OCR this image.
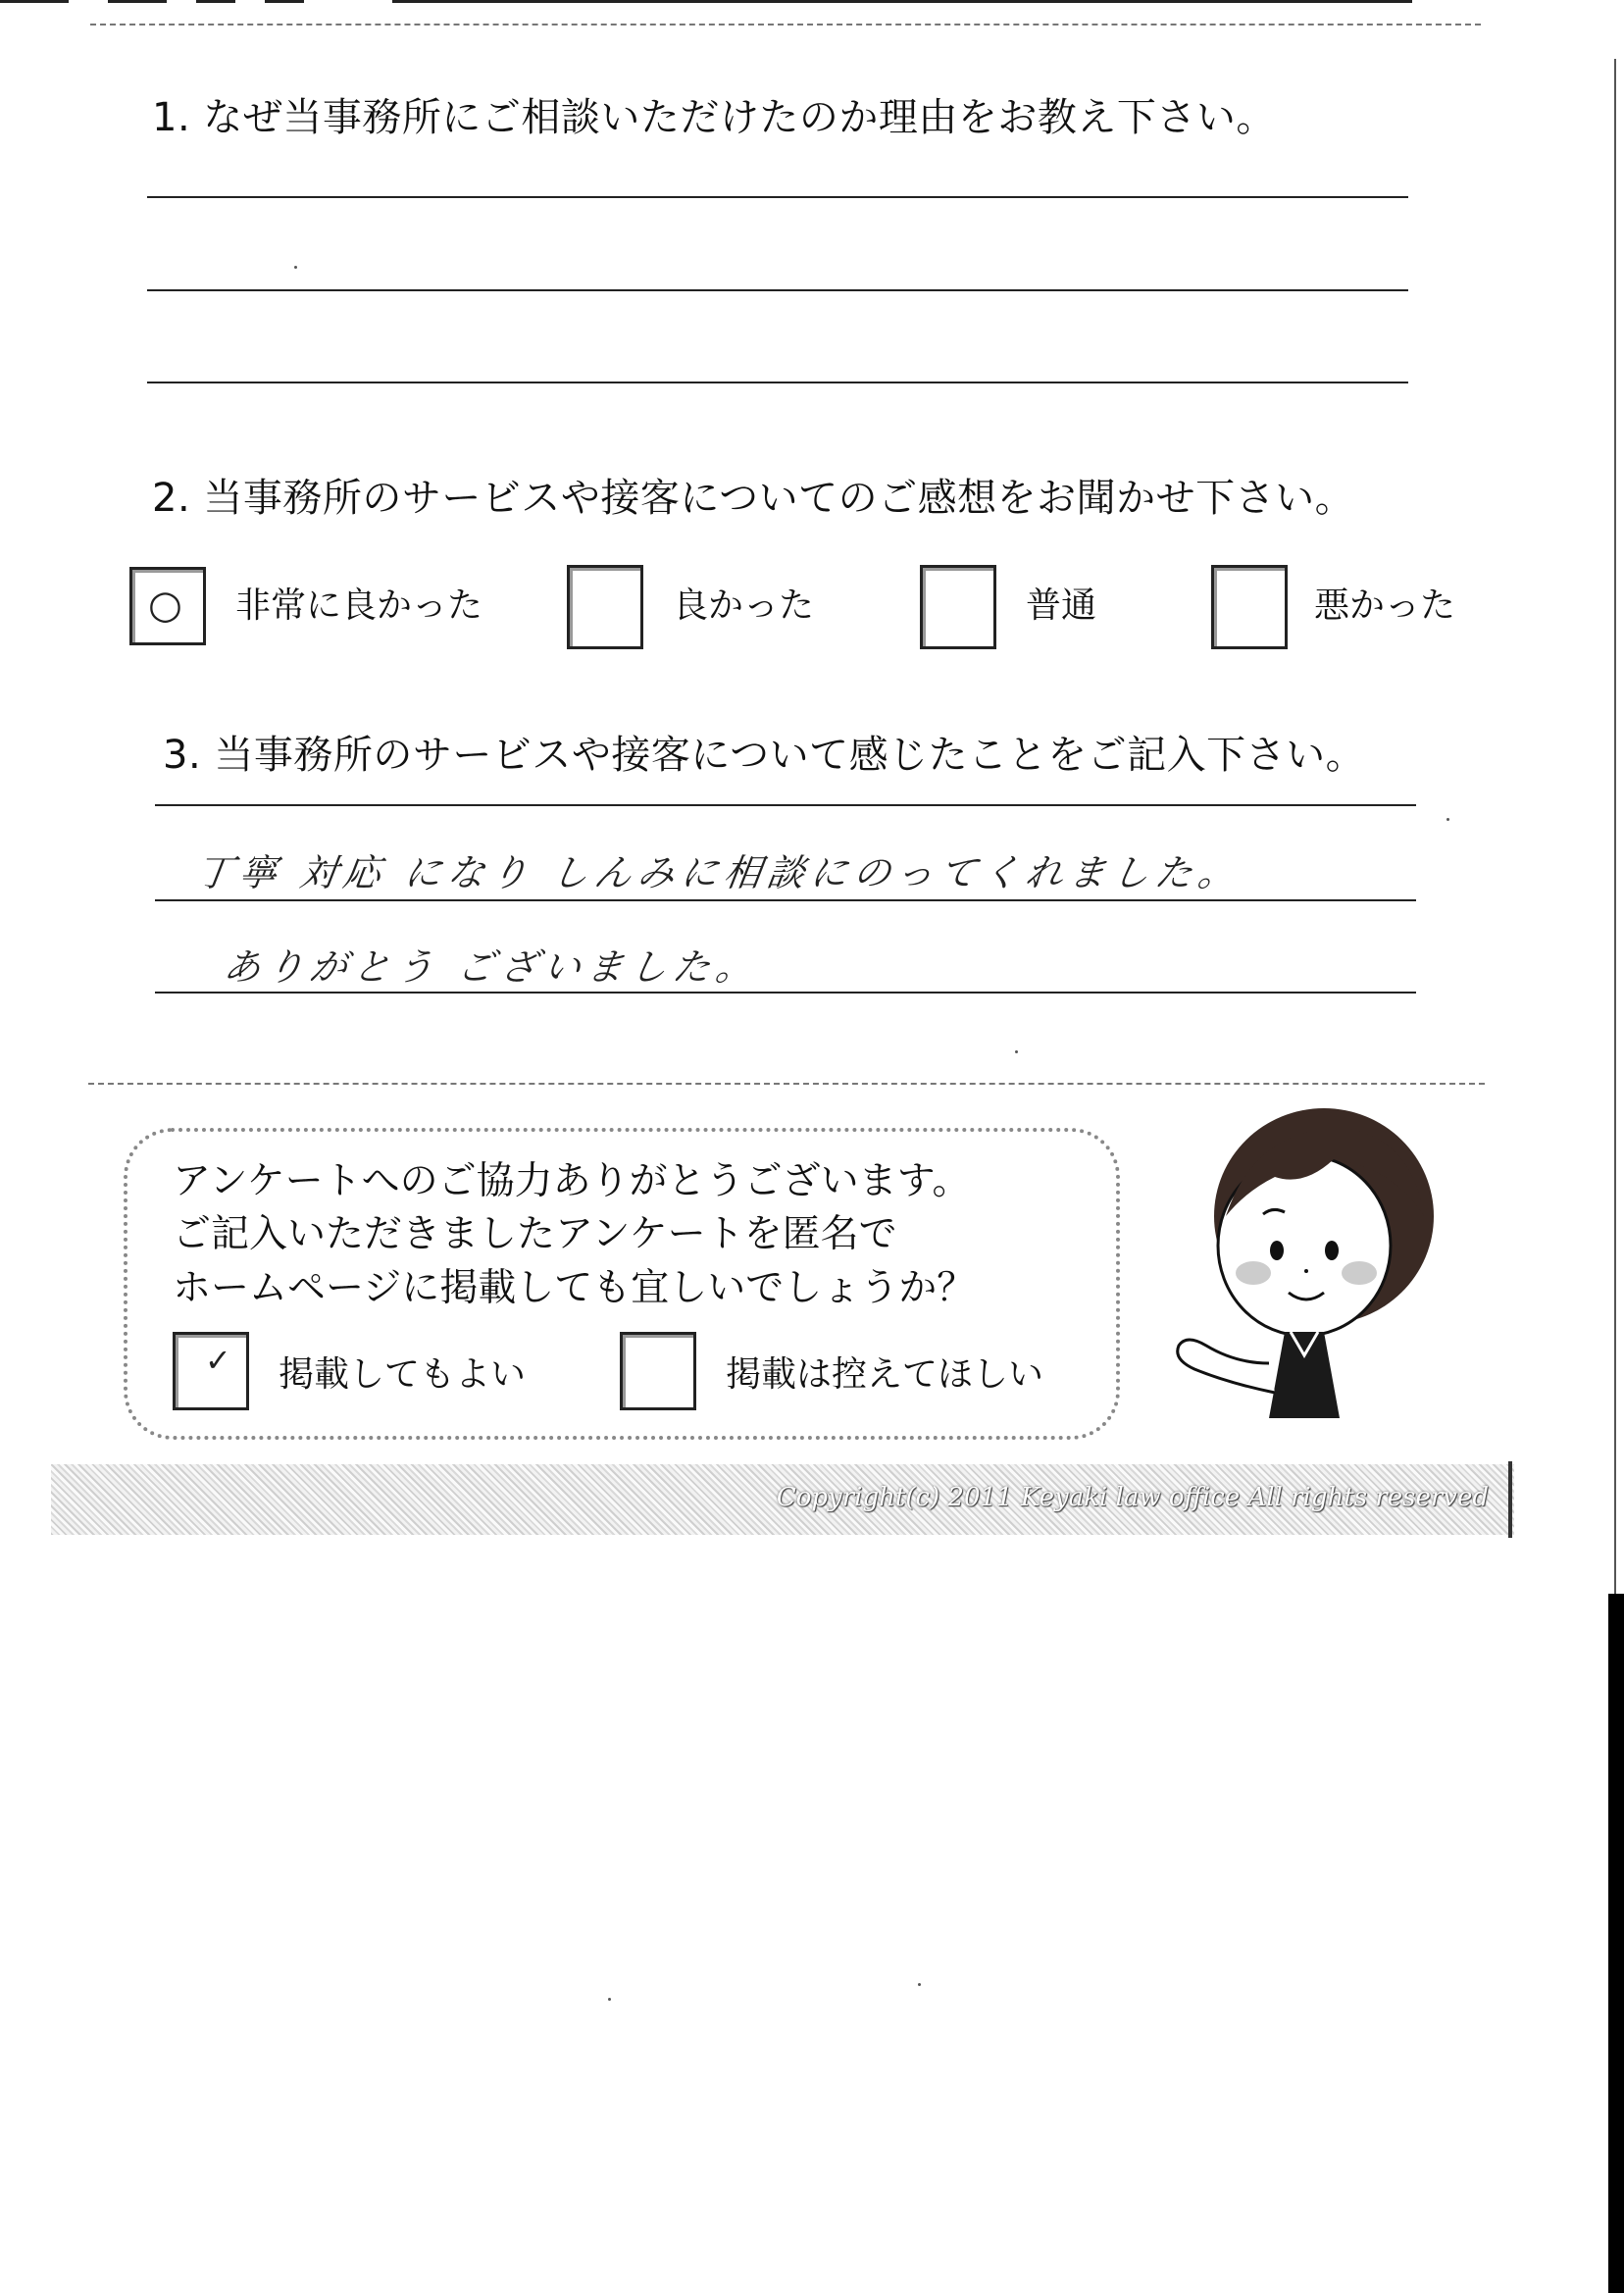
1. なぜ当事務所にご相談いただけたのか理由をお教え下さい。
2. 当事務所のサービスや接客についてのご感想をお聞かせ下さい。
○ 非常に良かった	良かった	普通	悪かった
3. 当事務所のサービスや接客について感じたことをご記入下さい。
丁寧 対応 になり しんみに相談にのってくれました。
ありがとう ございました。
アンケートへのご協力ありがとうございます。
ご記入いただきましたアンケートを匿名で
ホームページに掲載しても宜しいでしょうか？
✓ 掲載してもよい	掲載は控えてほしい
Copyright(c) 2011 Keyaki law office All rights reserved
